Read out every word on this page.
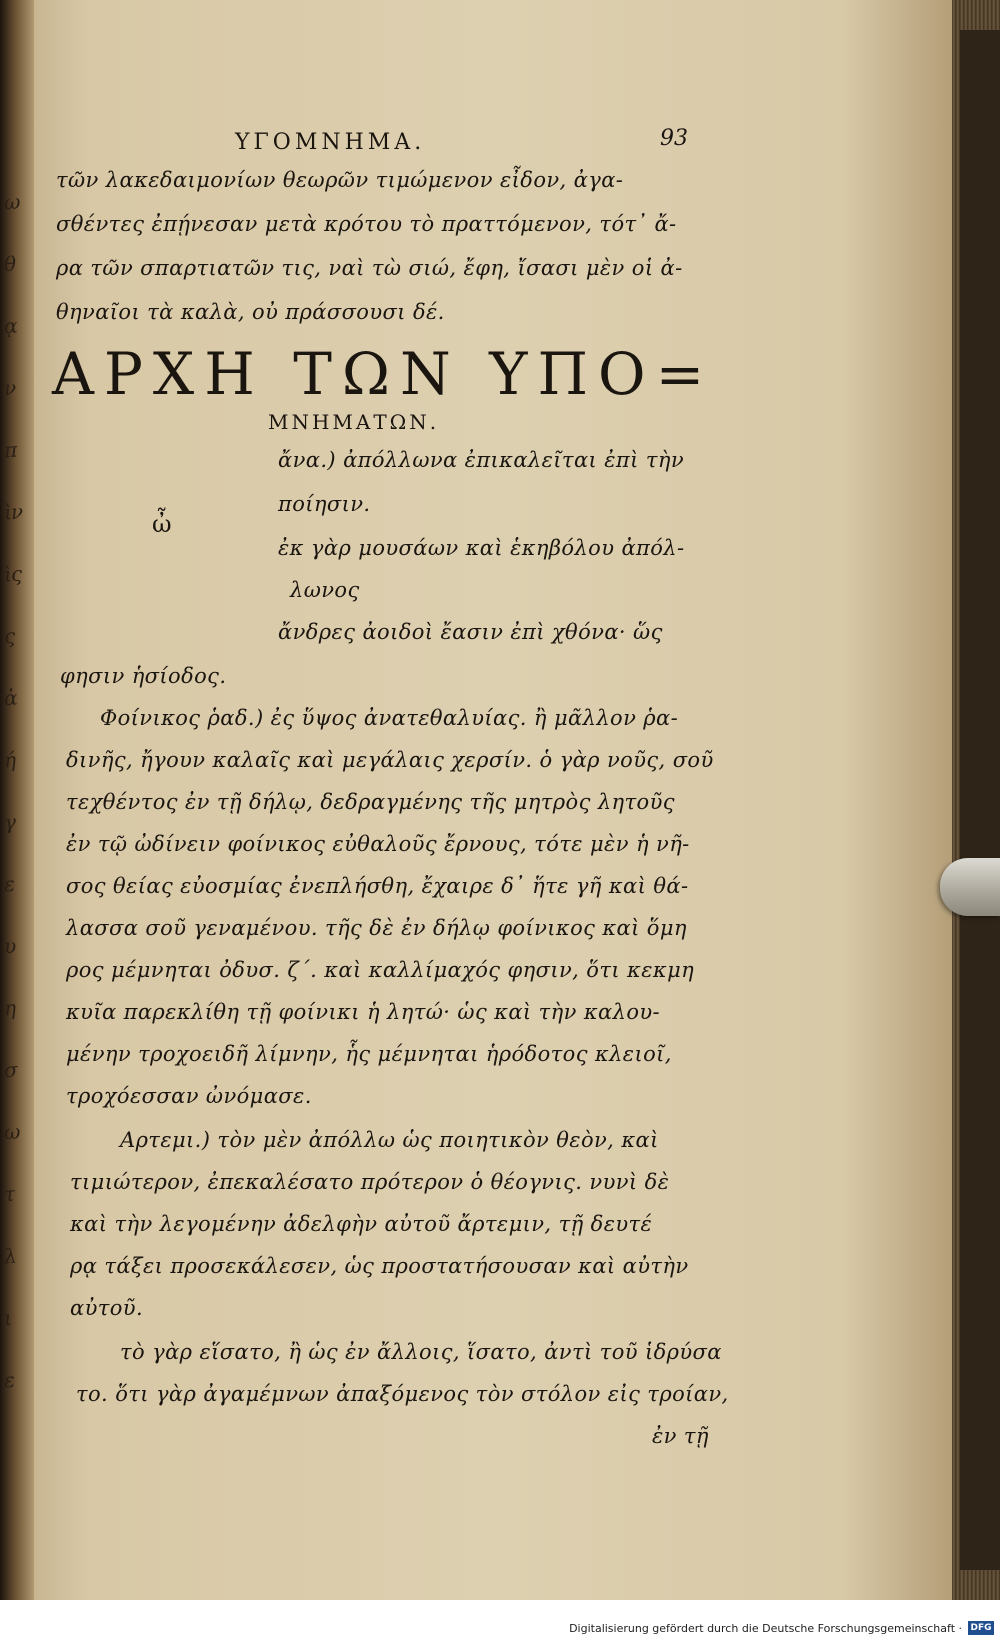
ω
θ
ᾳ
ν
π
ὶν
ὶς
ς
ἀ
ή
γ
ε
υ
η
σ
ω
τ
λ
ι
ε
ΥΓΟΜΝΗΜΑ.	93
τῶν λακεδαιμονίων θεωρῶν τιμώμενον εἶδον, ἀγα-
σθέντες ἐπῄνεσαν μετὰ κρότου τὸ πραττόμενον, τότ᾽ ἄ-
ρα τῶν σπαρτιατῶν τις, ναὶ τὼ σιώ, ἔφη, ἴσασι μὲν οἱ ἀ-
θηναῖοι τὰ καλὰ, οὐ πράσσουσι δέ.
ΑΡΧΗ ΤΩΝ ΥΠΟ=
ΜΝΗΜΑΤΩΝ.
ὦ
ἄνα.) ἀπόλλωνα ἐπικαλεῖται ἐπὶ τὴν
ποίησιν.
ἐκ γὰρ μουσάων καὶ ἑκηβόλου ἀπόλ-
λωνος
ἄνδρες ἀοιδοὶ ἔασιν ἐπὶ χθόνα· ὥς
φησιν ἡσίοδος.
Φοίνικος ῥαδ.) ἐς ὕψος ἀνατεθαλυίας. ἢ μᾶλλον ῥα-
δινῆς, ἤγουν καλαῖς καὶ μεγάλαις χερσίν. ὁ γὰρ νοῦς, σοῦ
τεχθέντος ἐν τῇ δήλῳ, δεδραγμένης τῆς μητρὸς λητοῦς
ἐν τῷ ὠδίνειν φοίνικος εὐθαλοῦς ἔρνους, τότε μὲν ἡ νῆ-
σος θείας εὐοσμίας ἐνεπλήσθη, ἔχαιρε δ᾽ ἥτε γῆ καὶ θά-
λασσα σοῦ γεναμένου. τῆς δὲ ἐν δήλῳ φοίνικος καὶ ὅμη
ρος μέμνηται ὀδυσ. ζ΄. καὶ καλλίμαχός φησιν, ὅτι κεκμη
κυῖα παρεκλίθη τῇ φοίνικι ἡ λητώ· ὡς καὶ τὴν καλου-
μένην τροχοειδῆ λίμνην, ἧς μέμνηται ἡρόδοτος κλειοῖ,
τροχόεσσαν ὠνόμασε.
Αρτεμι.) τὸν μὲν ἀπόλλω ὡς ποιητικὸν θεὸν, καὶ
τιμιώτερον, ἐπεκαλέσατο πρότερον ὁ θέογνις. νυνὶ δὲ
καὶ τὴν λεγομένην ἀδελφὴν αὐτοῦ ἄρτεμιν, τῇ δευτέ
ρᾳ τάξει προσεκάλεσεν, ὡς προστατήσουσαν καὶ αὐτὴν
αὐτοῦ.
τὸ γὰρ εἵσατο, ἢ ὡς ἐν ἄλλοις, ἵσατο, ἀντὶ τοῦ ἱδρύσα
το. ὅτι γὰρ ἀγαμέμνων ἀπαξόμενος τὸν στόλον εἰς τροίαν,
ἐν τῇ
Digitalisierung gefördert durch die Deutsche Forschungsgemeinschaft · DFG
